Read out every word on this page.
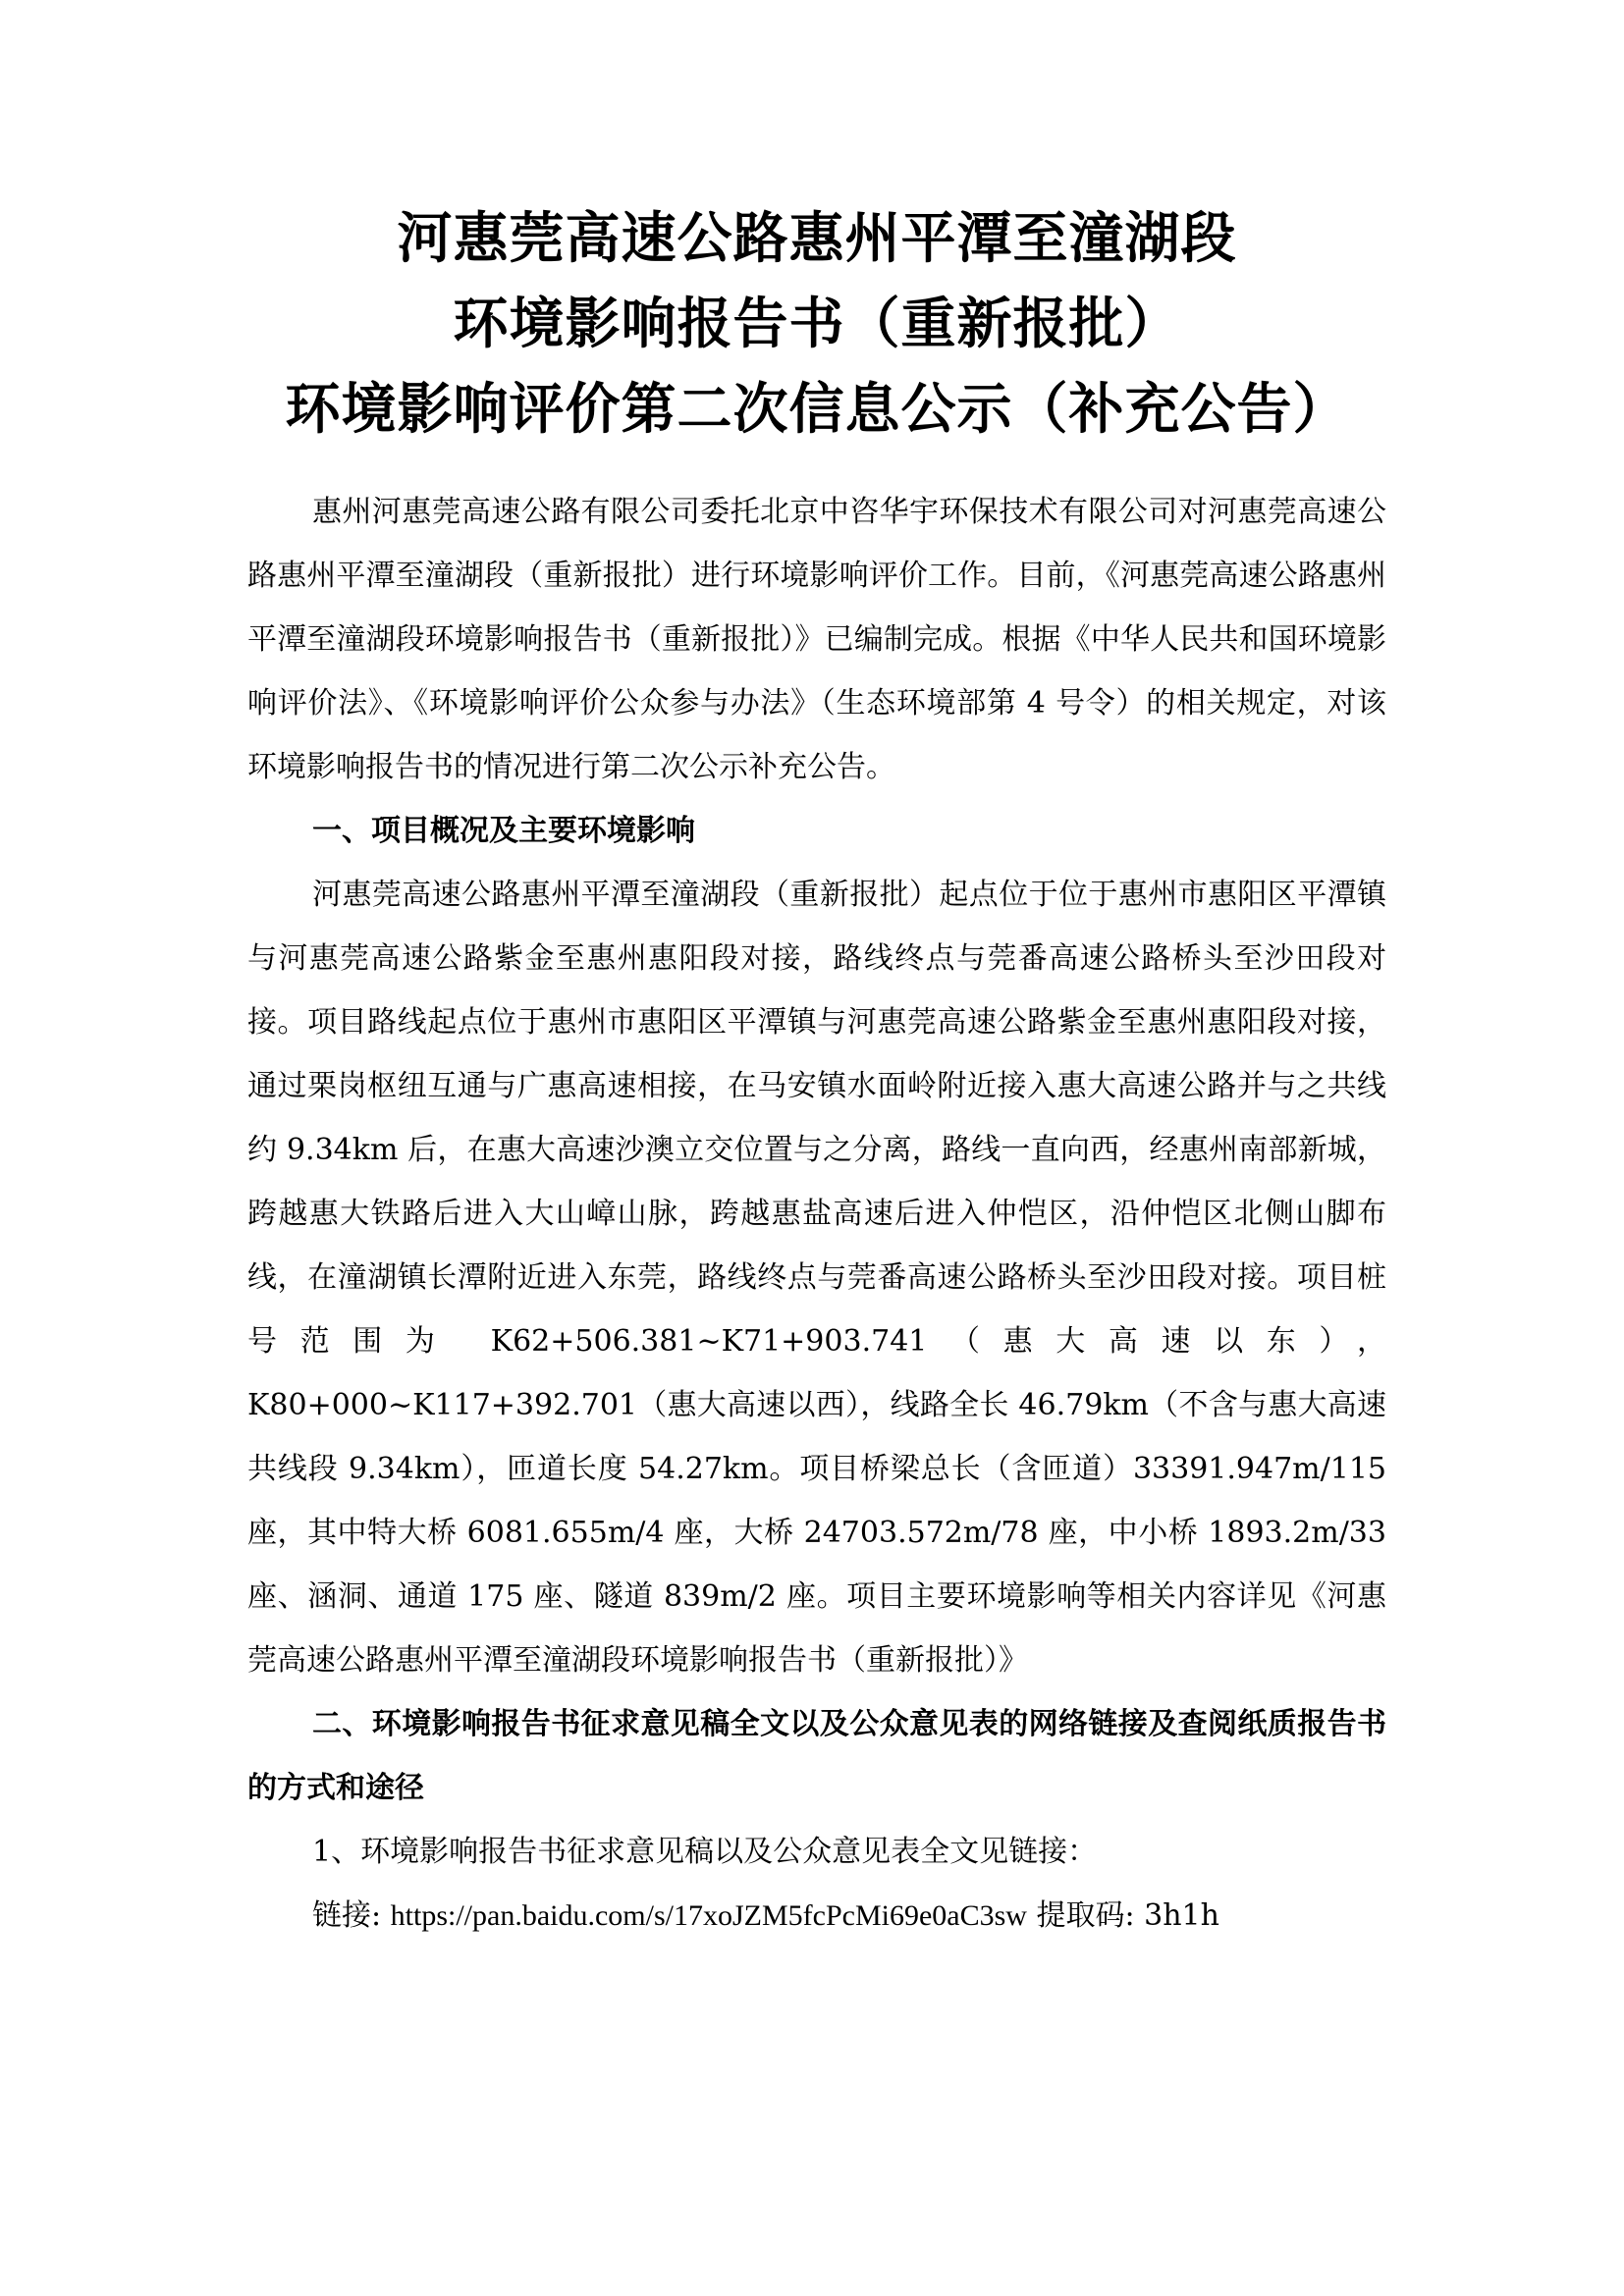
河惠莞高速公路惠州平潭至潼湖段
环境影响报告书（重新报批）
环境影响评价第二次信息公示（补充公告）

惠州河惠莞高速公路有限公司委托北京中咨华宇环保技术有限公司对河惠莞高速公路惠州平潭至潼湖段（重新报批）进行环境影响评价工作。目前，《河惠莞高速公路惠州平潭至潼湖段环境影响报告书（重新报批）》已编制完成。根据《中华人民共和国环境影响评价法》、《环境影响评价公众参与办法》（生态环境部第 4 号令）的相关规定，对该环境影响报告书的情况进行第二次公示补充公告。

一、项目概况及主要环境影响

河惠莞高速公路惠州平潭至潼湖段（重新报批）起点位于位于惠州市惠阳区平潭镇与河惠莞高速公路紫金至惠州惠阳段对接，路线终点与莞番高速公路桥头至沙田段对接。项目路线起点位于惠州市惠阳区平潭镇与河惠莞高速公路紫金至惠州惠阳段对接，通过栗岗枢纽互通与广惠高速相接，在马安镇水面岭附近接入惠大高速公路并与之共线约 9.34km 后，在惠大高速沙澳立交位置与之分离，路线一直向西，经惠州南部新城，跨越惠大铁路后进入大山嶂山脉，跨越惠盐高速后进入仲恺区，沿仲恺区北侧山脚布线，在潼湖镇长潭附近进入东莞，路线终点与莞番高速公路桥头至沙田段对接。项目桩号范围为 K62+506.381~K71+903.741（惠大高速以东），K80+000~K117+392.701（惠大高速以西），线路全长 46.79km（不含与惠大高速共线段 9.34km），匝道长度 54.27km。项目桥梁总长（含匝道）33391.947m/115 座，其中特大桥 6081.655m/4 座，大桥 24703.572m/78 座，中小桥 1893.2m/33 座、涵洞、通道 175 座、隧道 839m/2 座。项目主要环境影响等相关内容详见《河惠莞高速公路惠州平潭至潼湖段环境影响报告书（重新报批）》

二、环境影响报告书征求意见稿全文以及公众意见表的网络链接及查阅纸质报告书的方式和途径

1、环境影响报告书征求意见稿以及公众意见表全文见链接：

链接: https://pan.baidu.com/s/17xoJZM5fcPcMi69e0aC3sw 提取码: 3h1h
